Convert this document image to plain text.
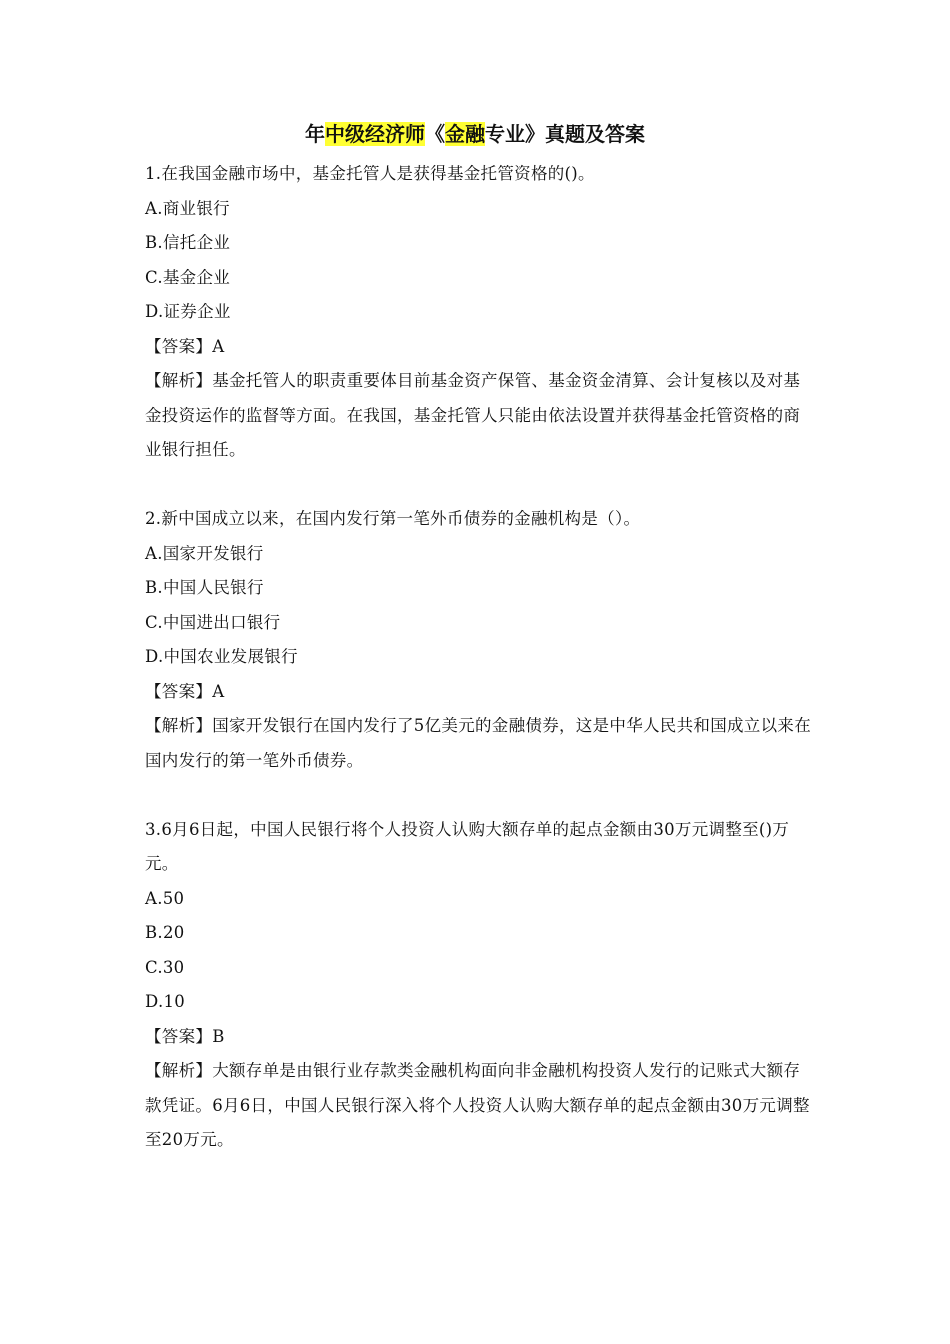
年中级经济师《金融专业》真题及答案

1.在我国金融市场中，基金托管人是获得基金托管资格的()。

A.商业银行

B.信托企业

C.基金企业

D.证券企业

【答案】A

【解析】基金托管人的职责重要体目前基金资产保管、基金资金清算、会计复核以及对基金投资运作的监督等方面。在我国，基金托管人只能由依法设置并获得基金托管资格的商业银行担任。

2.新中国成立以来，在国内发行第一笔外币债券的金融机构是（）。

A.国家开发银行

B.中国人民银行

C.中国进出口银行

D.中国农业发展银行

【答案】A

【解析】国家开发银行在国内发行了5亿美元的金融债券，这是中华人民共和国成立以来在国内发行的第一笔外币债券。

3.6月6日起，中国人民银行将个人投资人认购大额存单的起点金额由30万元调整至()万元。

A.50

B.20

C.30

D.10

【答案】B

【解析】大额存单是由银行业存款类金融机构面向非金融机构投资人发行的记账式大额存款凭证。6月6日，中国人民银行深入将个人投资人认购大额存单的起点金额由30万元调整至20万元。
